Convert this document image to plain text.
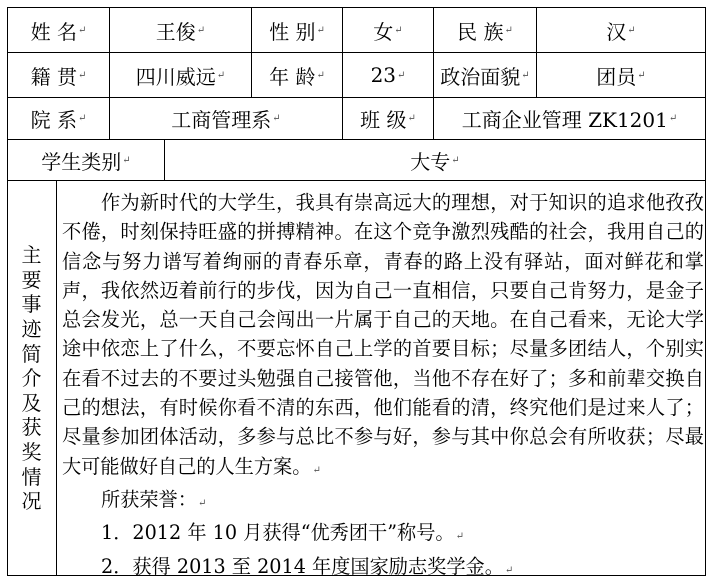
姓 名 ↵	王俊 ↵	性 别 ↵ 女 ↵	民 族 ↵	汉 ↵
籍 贯 ↵ 四川威远 ↵ 年 龄 ↵ 23 ↵ 政治面貌 ↵	团员 ↵
院 系 ↵	工商管理系 ↵	班 级 ↵ 工商企业管理 ZK1201 ↵
学生类别 ↵	大专 ↵
主
要
事
迹
简
介
及
获
奖
情
况

作为新时代的大学生，我具有崇高远大的理想，对于知识的追求他孜孜不倦，时刻保持旺盛的拼搏精神。在这个竞争激烈残酷的社会，我用自己的信念与努力谱写着绚丽的青春乐章，青春的路上没有驿站，面对鲜花和掌声，我依然迈着前行的步伐，因为自己一直相信，只要自己肯努力，是金子总会发光，总一天自己会闯出一片属于自己的天地。在自己看来，无论大学途中依恋上了什么，不要忘怀自己上学的首要目标；尽量多团结人，个别实在看不过去的不要过头勉强自己接管他，当他不存在好了；多和前辈交换自己的想法，有时候你看不清的东西，他们能看的清，终究他们是过来人了；尽量参加团体活动，多参与总比不参与好，参与其中你总会有所收获；尽最大可能做好自己的人生方案。↵

所获荣誉：↵

1．2012 年 10 月获得“优秀团干”称号。↵

2．获得 2013 至 2014 年度国家励志奖学金。↵
